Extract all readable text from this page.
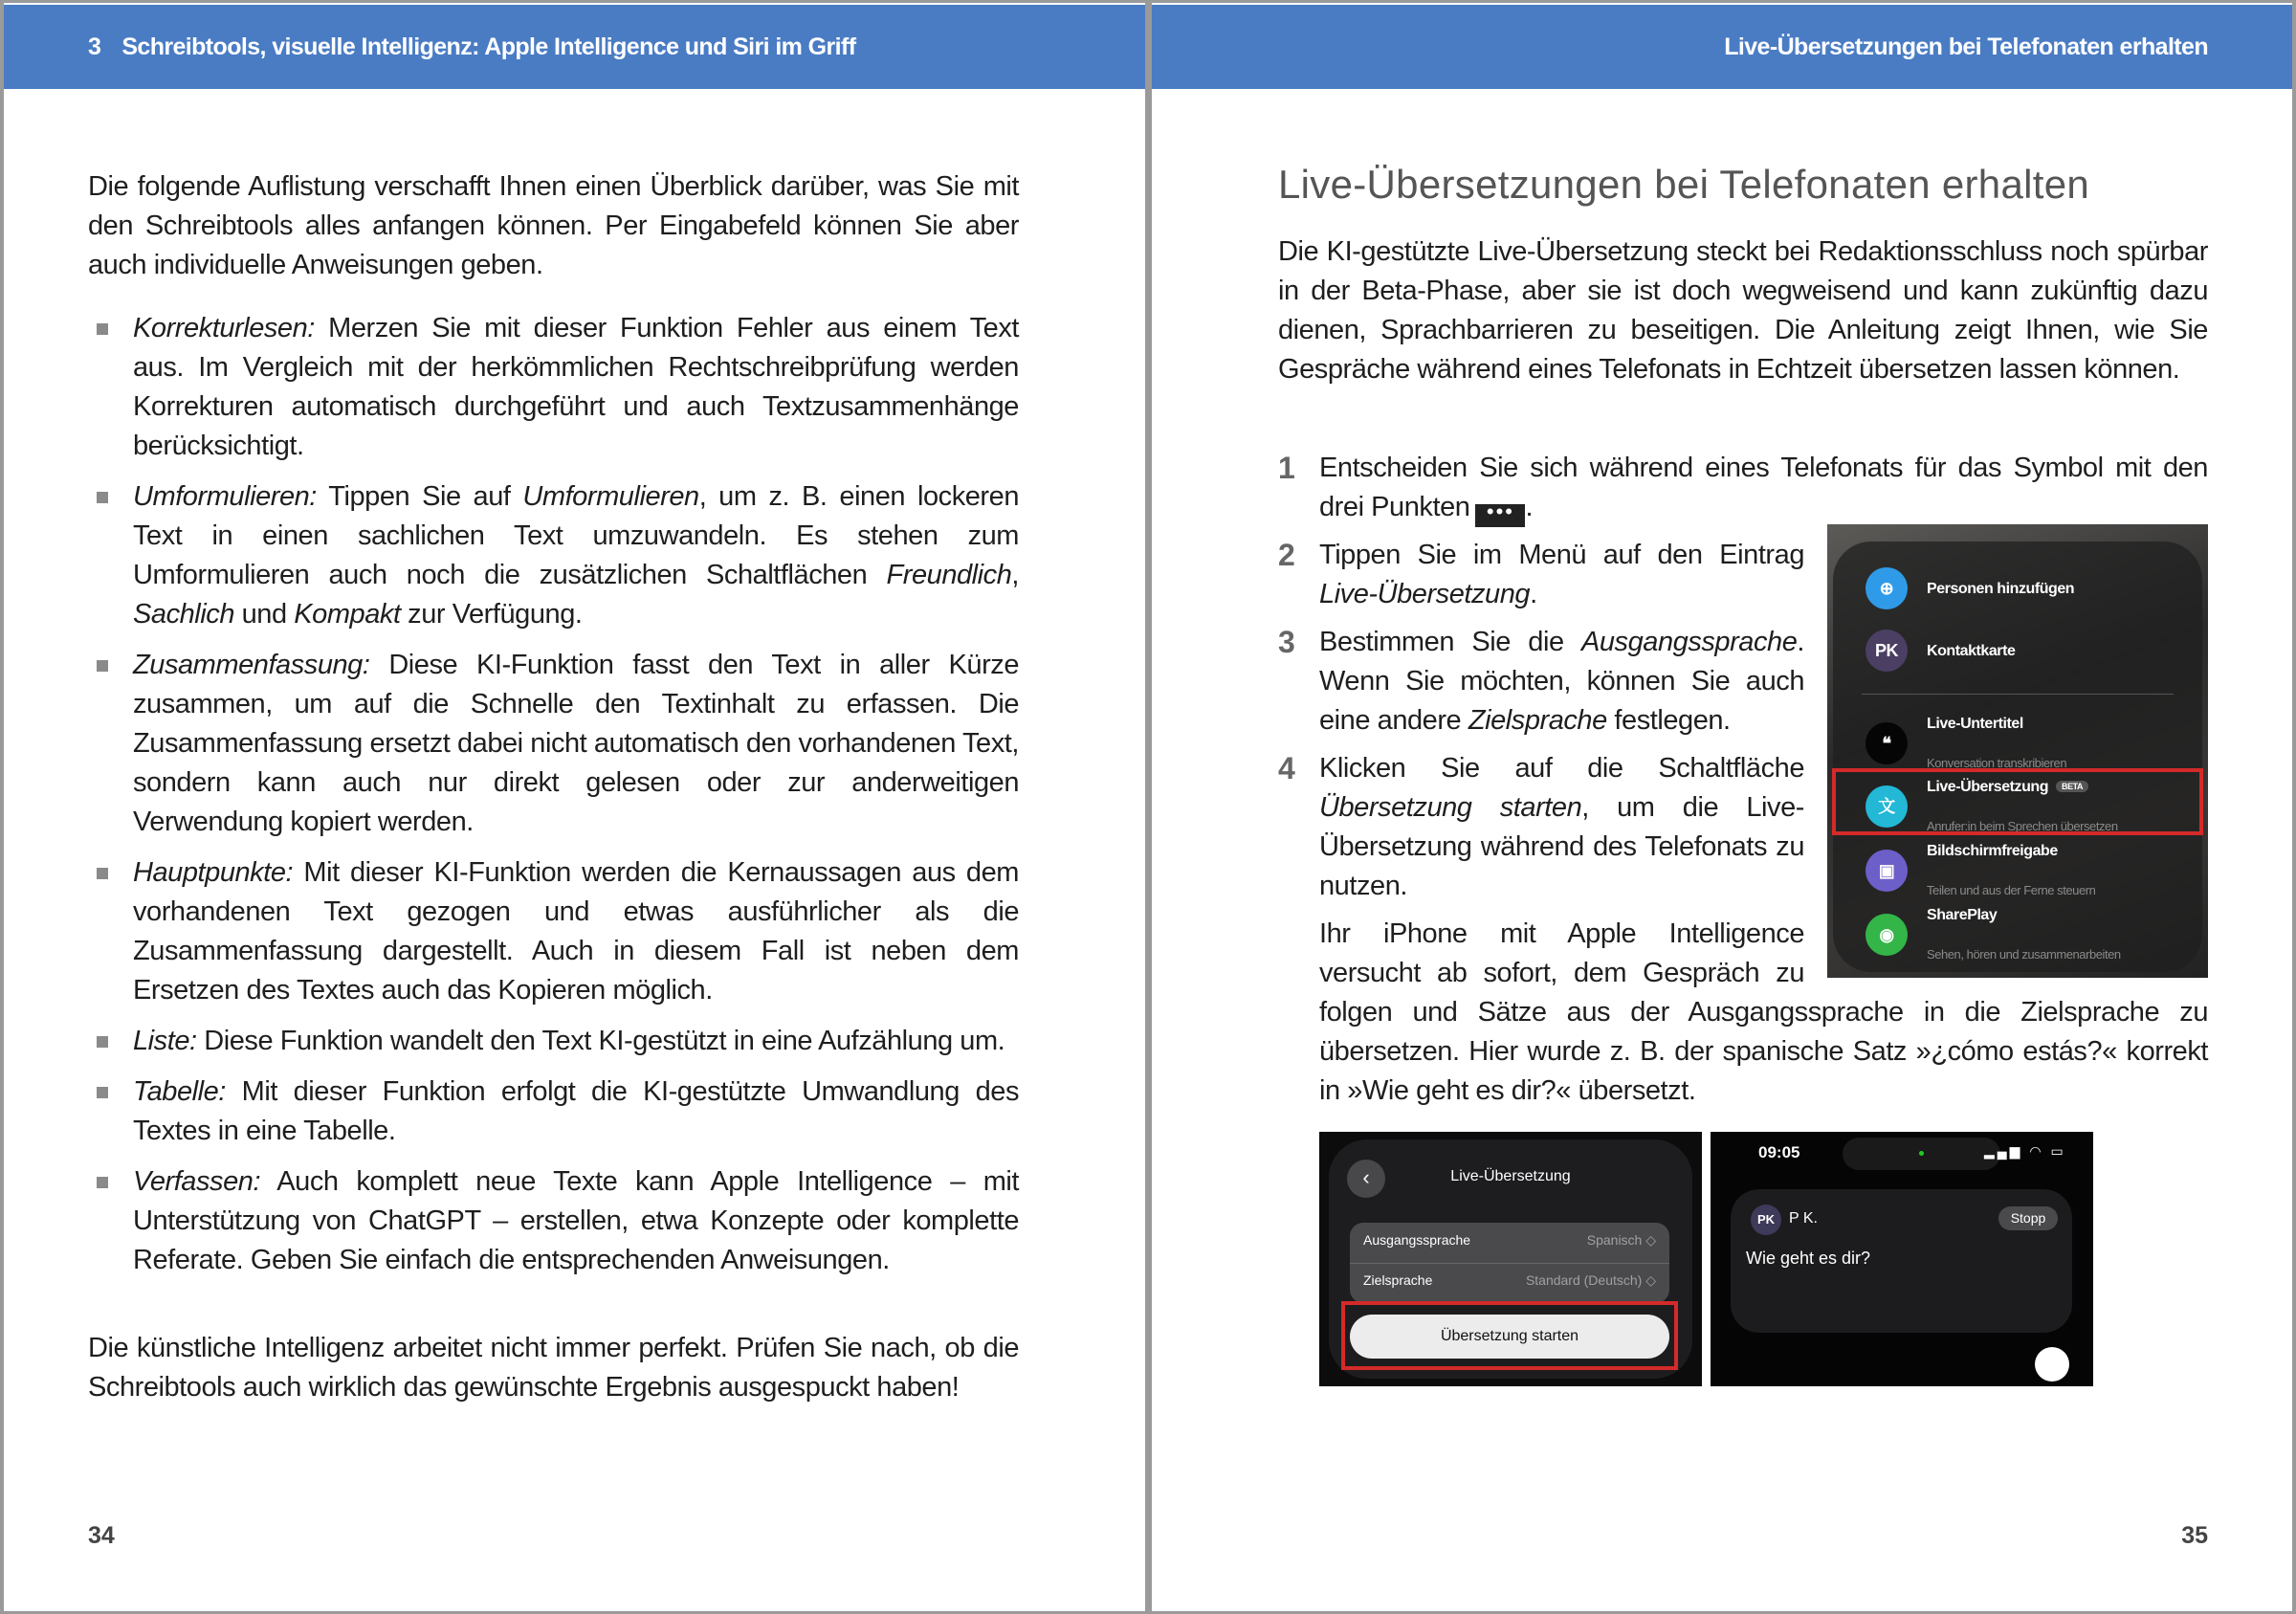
3 Schreibtools, visuelle Intelligenz: Apple Intelligence und Siri im Griff

Die folgende Auflistung verschafft Ihnen einen Überblick darüber, was Sie mit den Schreibtools alles anfangen können. Per Eingabefeld können Sie aber auch individuelle Anweisungen geben.

Korrekturlesen: Merzen Sie mit dieser Funktion Fehler aus einem Text aus. Im Vergleich mit der herkömmlichen Rechtschreibprüfung werden Korrekturen automatisch durchgeführt und auch Textzusammenhänge berücksichtigt.
Umformulieren: Tippen Sie auf Umformulieren, um z. B. einen lockeren Text in einen sachlichen Text umzuwandeln. Es stehen zum Umformulieren auch noch die zusätzlichen Schaltflächen Freundlich, Sachlich und Kompakt zur Verfügung.
Zusammenfassung: Diese KI-Funktion fasst den Text in aller Kürze zusammen, um auf die Schnelle den Textinhalt zu erfassen. Die Zusammenfassung ersetzt dabei nicht automatisch den vorhandenen Text, sondern kann auch nur direkt gelesen oder zur anderweitigen Verwendung kopiert werden.
Hauptpunkte: Mit dieser KI-Funktion werden die Kernaussagen aus dem vorhandenen Text gezogen und etwas ausführlicher als die Zusammenfassung dargestellt. Auch in diesem Fall ist neben dem Ersetzen des Textes auch das Kopieren möglich.
Liste: Diese Funktion wandelt den Text KI-gestützt in eine Aufzählung um.
Tabelle: Mit dieser Funktion erfolgt die KI-gestützte Umwandlung des Textes in eine Tabelle.
Verfassen: Auch komplett neue Texte kann Apple Intelligence – mit Unterstützung von ChatGPT – erstellen, etwa Konzepte oder komplette Referate. Geben Sie einfach die entsprechenden Anweisungen.

Die künstliche Intelligenz arbeitet nicht immer perfekt. Prüfen Sie nach, ob die Schreibtools auch wirklich das gewünschte Ergebnis ausgespuckt haben!

34
Live-Übersetzungen bei Telefonaten erhalten
Live-Übersetzungen bei Telefonaten erhalten

Die KI-gestützte Live-Übersetzung steckt bei Redaktionsschluss noch spürbar in der Beta-Phase, aber sie ist doch wegweisend und kann zukünftig dazu dienen, Sprachbarrieren zu beseitigen. Die Anleitung zeigt Ihnen, wie Sie Gespräche während eines Telefonats in Echtzeit übersetzen lassen können.

1 Entscheiden Sie sich während eines Telefonats für das Symbol mit den drei Punkten ••• .
2
⊕	Personen hinzufügen
PK	Kontaktkarte
❝
Live-Untertitel
Konversation transkribieren
文
Live-Übersetzung BETA
Anrufer:in beim Sprechen übersetzen
▣
Bildschirmfreigabe
Teilen und aus der Ferne steuern
◉
SharePlay
Sehen, hören und zusammenarbeiten
Tippen Sie im Menü auf den Eintrag Live-Übersetzung.
3 Bestimmen Sie die Ausgangssprache. Wenn Sie möchten, können Sie auch eine andere Zielsprache festlegen.
4 Klicken Sie auf die Schaltfläche Übersetzung starten, um die Live-Übersetzung während des Telefonats zu nutzen.

Ihr iPhone mit Apple Intelligence versucht ab sofort, dem Gespräch zu folgen und Sätze aus der Ausgangssprache in die Zielsprache zu übersetzen. Hier wurde z. B. der spanische Satz »¿cómo estás?« korrekt in »Wie geht es dir?« übersetzt.

‹	Live-Übersetzung
Ausgangssprache	Spanisch ◇
Zielsprache	Standard (Deutsch) ◇
Übersetzung starten
09:05	▂▄▆ ◠ ▭
PK P K.	Stopp
Wie geht es dir?
35
